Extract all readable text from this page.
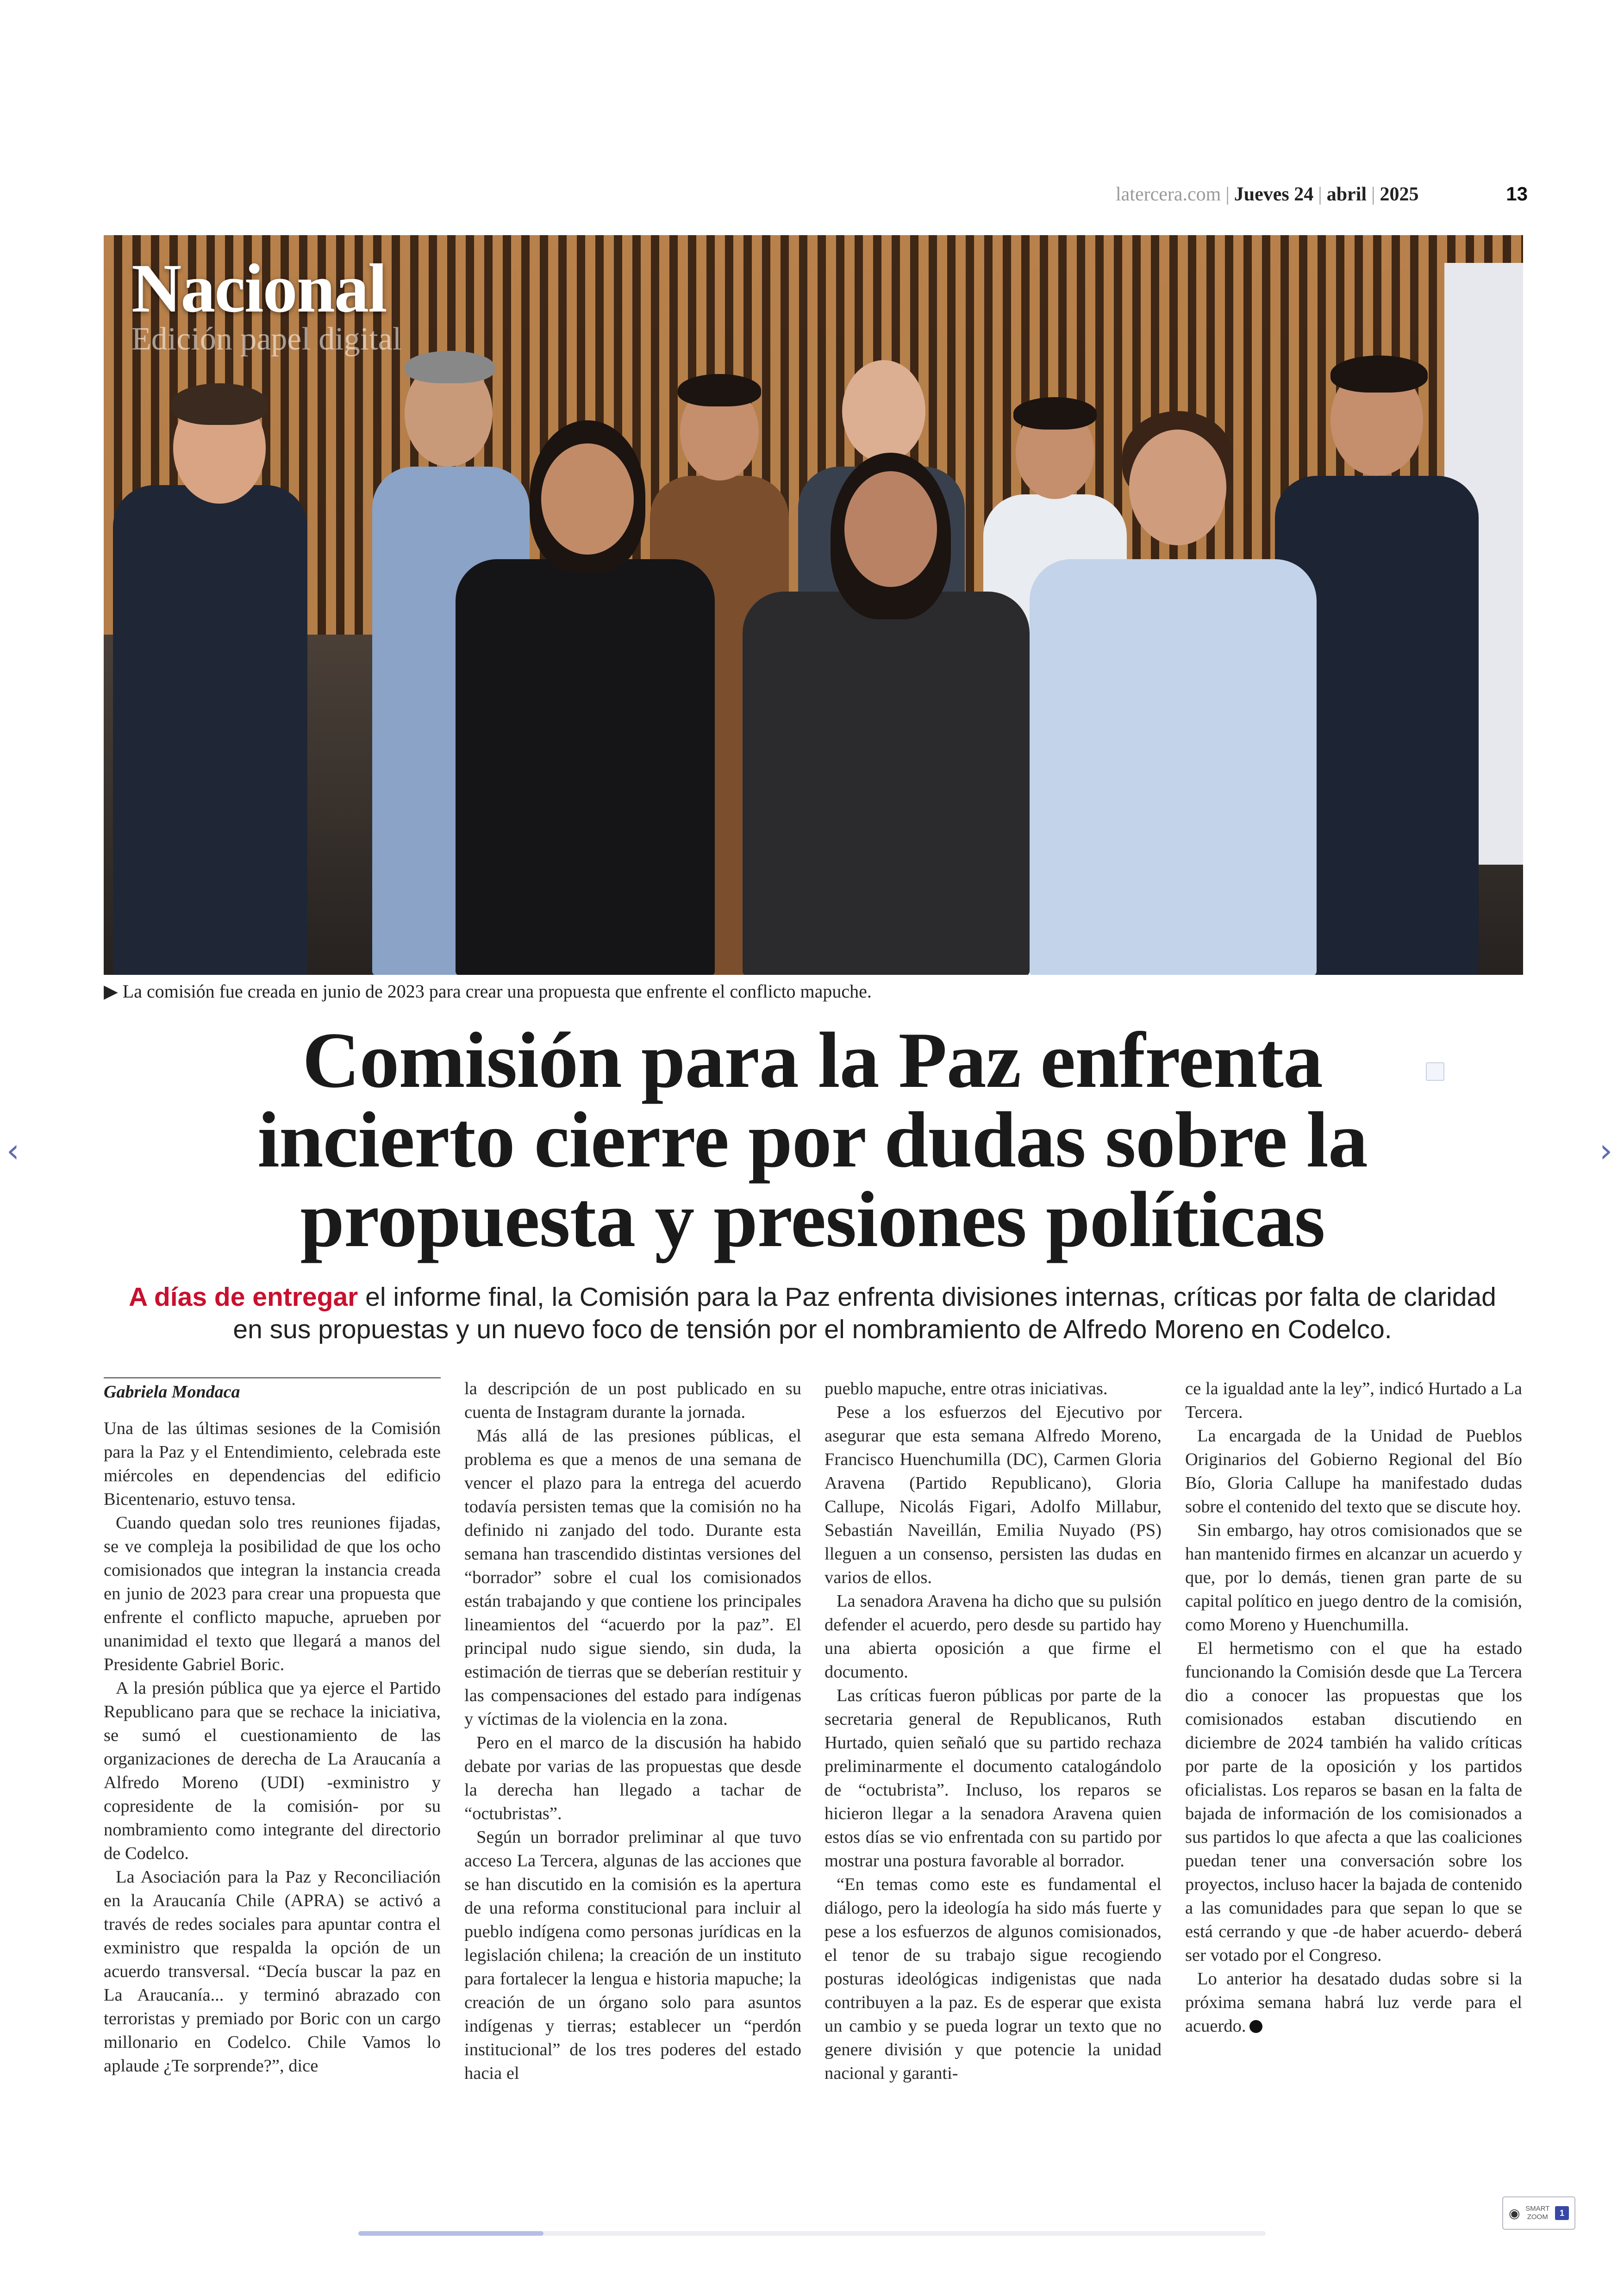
latercera.com | Jueves 24 | abril | 2025	13
Nacional
Edición papel digital
▶ La comisión fue creada en junio de 2023 para crear una propuesta que enfrente el conflicto mapuche.
Comisión para la Paz enfrenta
incierto cierre por dudas sobre la
propuesta y presiones políticas
A días de entregar el informe final, la Comisión para la Paz enfrenta divisiones internas, críticas por falta de claridad en sus propuestas y un nuevo foco de tensión por el nombramiento de Alfredo Moreno en Codelco.
Gabriela Mondaca

Una de las últimas sesiones de la Comisión para la Paz y el Entendimiento, celebrada este miércoles en dependencias del edificio Bicentenario, estuvo tensa.

Cuando quedan solo tres reuniones fijadas, se ve compleja la posibilidad de que los ocho comisionados que integran la instancia creada en junio de 2023 para crear una propuesta que enfrente el conflicto mapuche, aprueben por unanimidad el texto que llegará a manos del Presidente Gabriel Boric.

A la presión pública que ya ejerce el Partido Republicano para que se rechace la iniciativa, se sumó el cuestionamiento de las organizaciones de derecha de La Araucanía a Alfredo Moreno (UDI) -exministro y copresidente de la comisión- por su nombramiento como integrante del directorio de Codelco.

La Asociación para la Paz y Reconciliación en la Araucanía Chile (APRA) se activó a través de redes sociales para apuntar contra el exministro que respalda la opción de un acuerdo transversal. “Decía buscar la paz en La Araucanía... y terminó abrazado con terroristas y premiado por Boric con un cargo millonario en Codelco. Chile Vamos lo aplaude ¿Te sorprende?”, dice

la descripción de un post publicado en su cuenta de Instagram durante la jornada.

Más allá de las presiones públicas, el problema es que a menos de una semana de vencer el plazo para la entrega del acuerdo todavía persisten temas que la comisión no ha definido ni zanjado del todo. Durante esta semana han trascendido distintas versiones del “borrador” sobre el cual los comisionados están trabajando y que contiene los principales lineamientos del “acuerdo por la paz”. El principal nudo sigue siendo, sin duda, la estimación de tierras que se deberían restituir y las compensaciones del estado para indígenas y víctimas de la violencia en la zona.

Pero en el marco de la discusión ha habido debate por varias de las propuestas que desde la derecha han llegado a tachar de “octubristas”.

Según un borrador preliminar al que tuvo acceso La Tercera, algunas de las acciones que se han discutido en la comisión es la apertura de una reforma constitucional para incluir al pueblo indígena como personas jurídicas en la legislación chilena; la creación de un instituto para fortalecer la lengua e historia mapuche; la creación de un órgano solo para asuntos indígenas y tierras; establecer un “perdón institucional” de los tres poderes del estado hacia el

pueblo mapuche, entre otras iniciativas.

Pese a los esfuerzos del Ejecutivo por asegurar que esta semana Alfredo Moreno, Francisco Huenchumilla (DC), Carmen Gloria Aravena (Partido Republicano), Gloria Callupe, Nicolás Figari, Adolfo Millabur, Sebastián Naveillán, Emilia Nuyado (PS) lleguen a un consenso, persisten las dudas en varios de ellos.

La senadora Aravena ha dicho que su pulsión defender el acuerdo, pero desde su partido hay una abierta oposición a que firme el documento.

Las críticas fueron públicas por parte de la secretaria general de Republicanos, Ruth Hurtado, quien señaló que su partido rechaza preliminarmente el documento catalogándolo de “octubrista”. Incluso, los reparos se hicieron llegar a la senadora Aravena quien estos días se vio enfrentada con su partido por mostrar una postura favorable al borrador.

“En temas como este es fundamental el diálogo, pero la ideología ha sido más fuerte y pese a los esfuerzos de algunos comisionados, el tenor de su trabajo sigue recogiendo posturas ideológicas indigenistas que nada contribuyen a la paz. Es de esperar que exista un cambio y se pueda lograr un texto que no genere división y que potencie la unidad nacional y garanti-

ce la igualdad ante la ley”, indicó Hurtado a La Tercera.

La encargada de la Unidad de Pueblos Originarios del Gobierno Regional del Bío Bío, Gloria Callupe ha manifestado dudas sobre el contenido del texto que se discute hoy.

Sin embargo, hay otros comisionados que se han mantenido firmes en alcanzar un acuerdo y que, por lo demás, tienen gran parte de su capital político en juego dentro de la comisión, como Moreno y Huenchumilla.

El hermetismo con el que ha estado funcionando la Comisión desde que La Tercera dio a conocer las propuestas que los comisionados estaban discutiendo en diciembre de 2024 también ha valido críticas por parte de la oposición y los partidos oficialistas. Los reparos se basan en la falta de bajada de información de los comisionados a sus partidos lo que afecta a que las coaliciones puedan tener una conversación sobre los proyectos, incluso hacer la bajada de contenido a las comunidades para que sepan lo que se está cerrando y que -de haber acuerdo- deberá ser votado por el Congreso.

Lo anterior ha desatado dudas sobre si la próxima semana habrá luz verde para el acuerdo.

‹	›
◉ SMART
ZOOM	1
